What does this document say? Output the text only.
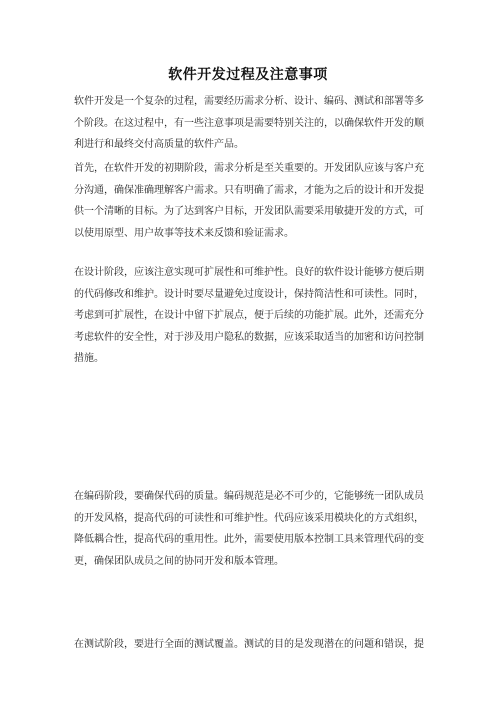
软件开发过程及注意事项

软件开发是一个复杂的过程，需要经历需求分析、设计、编码、测试和部署等多个阶段。在这过程中，有一些注意事项是需要特别关注的，以确保软件开发的顺利进行和最终交付高质量的软件产品。

首先，在软件开发的初期阶段，需求分析是至关重要的。开发团队应该与客户充分沟通，确保准确理解客户需求。只有明确了需求，才能为之后的设计和开发提供一个清晰的目标。为了达到客户目标，开发团队需要采用敏捷开发的方式，可以使用原型、用户故事等技术来反馈和验证需求。

在设计阶段，应该注意实现可扩展性和可维护性。良好的软件设计能够方便后期的代码修改和维护。设计时要尽量避免过度设计，保持简洁性和可读性。同时，考虑到可扩展性，在设计中留下扩展点，便于后续的功能扩展。此外，还需充分考虑软件的安全性，对于涉及用户隐私的数据，应该采取适当的加密和访问控制措施。

在编码阶段，要确保代码的质量。编码规范是必不可少的，它能够统一团队成员的开发风格，提高代码的可读性和可维护性。代码应该采用模块化的方式组织，降低耦合性，提高代码的重用性。此外，需要使用版本控制工具来管理代码的变更，确保团队成员之间的协同开发和版本管理。

在测试阶段，要进行全面的测试覆盖。测试的目的是发现潜在的问题和错误，提
